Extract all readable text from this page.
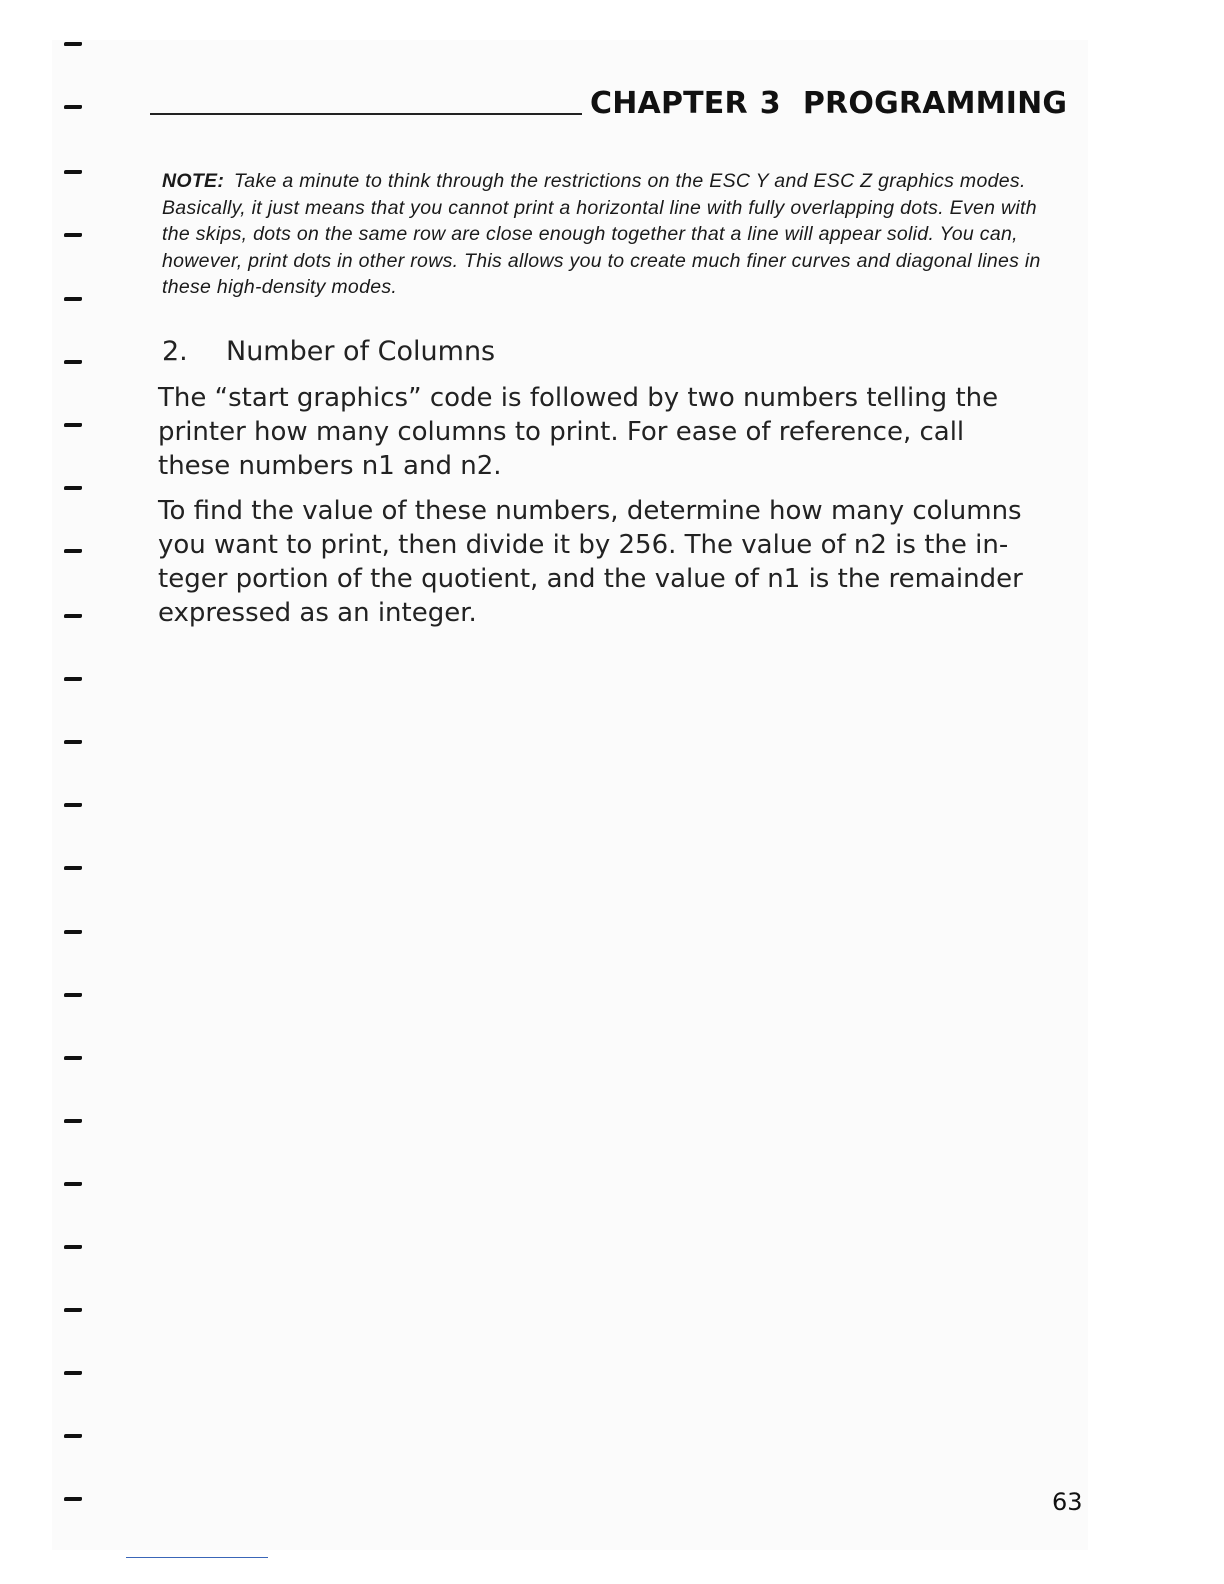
CHAPTER 3 PROGRAMMING
NOTE: Take a minute to think through the restrictions on the ESC Y and ESC Z graphics modes. Basically, it just means that you cannot print a horizontal line with fully overlapping dots. Even with the skips, dots on the same row are close enough together that a line will appear solid. You can, however, print dots in other rows. This allows you to create much finer curves and diagonal lines in these high-density modes.
2. Number of Columns

The “start graphics” code is followed by two numbers telling the printer how many columns to print. For ease of reference, call these numbers n1 and n2.

To find the value of these numbers, determine how many columns you want to print, then divide it by 256. The value of n2 is the in-teger portion of the quotient, and the value of n1 is the remainder expressed as an integer.

63
